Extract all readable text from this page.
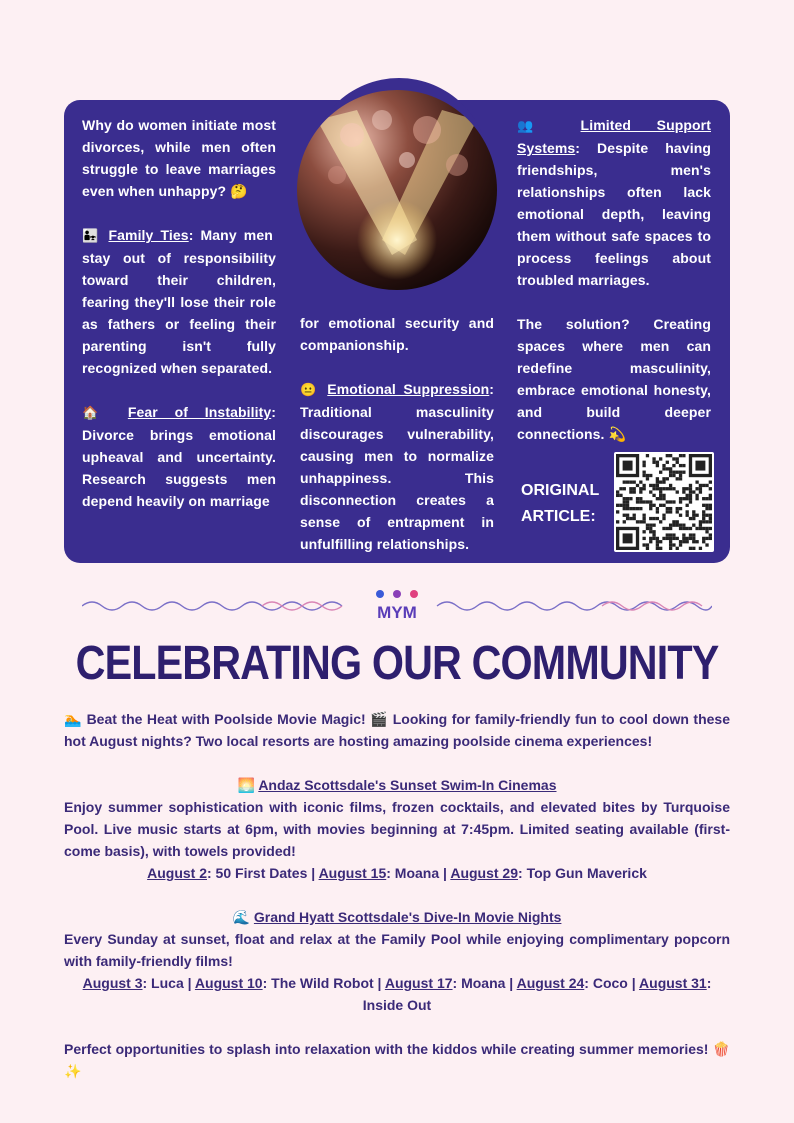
Why do women initiate most divorces, while men often struggle to leave marriages even when unhappy? 🤔

👨‍👧 Family Ties: Many men stay out of responsibility toward their children, fearing they'll lose their role as fathers or feeling their parenting isn't fully recognized when separated.

🏠 Fear of Instability: Divorce brings emotional upheaval and uncertainty. Research suggests men depend heavily on marriage

for emotional security and companionship.

😐 Emotional Suppression: Traditional masculinity discourages vulnerability, causing men to normalize unhappiness. This disconnection creates a sense of entrapment in unfulfilling relationships.

👥 Limited Support Systems: Despite having friendships, men's relationships often lack emotional depth, leaving them without safe spaces to process feelings about troubled marriages.

The solution? Creating spaces where men can redefine masculinity, embrace emotional honesty, and build deeper connections. 💫

ORIGINAL ARTICLE:
MYM
CELEBRATING OUR COMMUNITY

🏊 Beat the Heat with Poolside Movie Magic! 🎬 Looking for family-friendly fun to cool down these hot August nights? Two local resorts are hosting amazing poolside cinema experiences!

🌅 Andaz Scottsdale's Sunset Swim-In Cinemas

Enjoy summer sophistication with iconic films, frozen cocktails, and elevated bites by Turquoise Pool. Live music starts at 6pm, with movies beginning at 7:45pm. Limited seating available (first-come basis), with towels provided!

August 2: 50 First Dates | August 15: Moana | August 29: Top Gun Maverick

🌊 Grand Hyatt Scottsdale's Dive-In Movie Nights

Every Sunday at sunset, float and relax at the Family Pool while enjoying complimentary popcorn with family-friendly films!

August 3: Luca | August 10: The Wild Robot | August 17: Moana | August 24: Coco | August 31: Inside Out

Perfect opportunities to splash into relaxation with the kiddos while creating summer memories! 🍿✨
